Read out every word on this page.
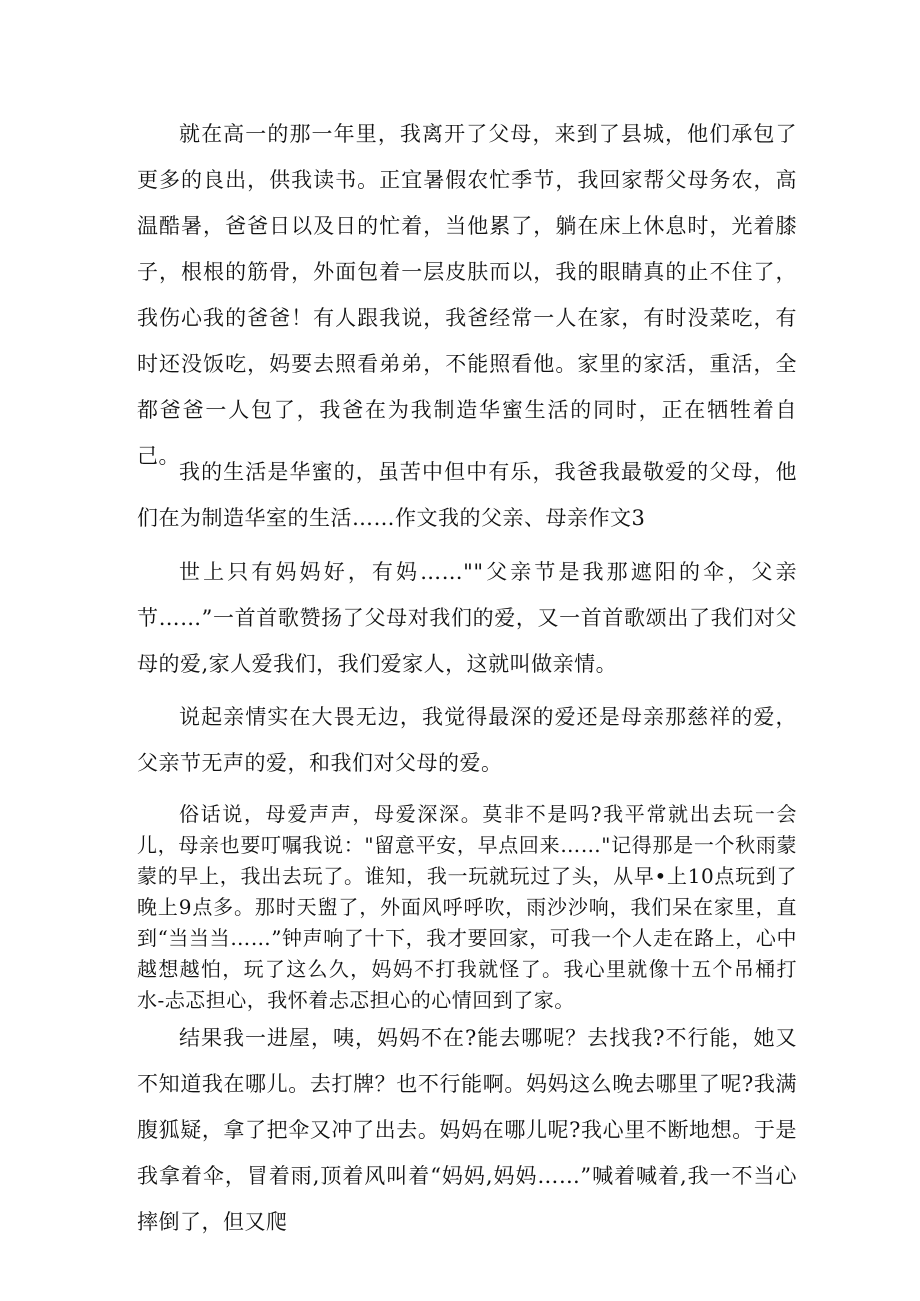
就在高一的那一年里，我离开了父母，来到了县城，他们承包了更多的良出，供我读书。正宜暑假农忙季节，我回家帮父母务农，高温酷暑，爸爸日以及日的忙着，当他累了，躺在床上休息时，光着膝子，根根的筋骨，外面包着一层皮肤而以，我的眼睛真的止不住了，我伤心我的爸爸！有人跟我说，我爸经常一人在家，有时没菜吃，有时还没饭吃，妈要去照看弟弟，不能照看他。家里的家活，重活，全都爸爸一人包了，我爸在为我制造华蜜生活的同时，正在牺牲着自己。

我的生活是华蜜的，虽苦中但中有乐，我爸我最敬爱的父母，他们在为制造华室的生活……作文我的父亲、母亲作文3

世上只有妈妈好，有妈……""父亲节是我那遮阳的伞，父亲节……”一首首歌赞扬了父母对我们的爱，又一首首歌颂出了我们对父母的爱,家人爱我们，我们爱家人，这就叫做亲情。

说起亲情实在大畏无边，我觉得最深的爱还是母亲那慈祥的爱，父亲节无声的爱，和我们对父母的爱。

俗话说，母爱声声，母爱深深。莫非不是吗?我平常就出去玩一会儿，母亲也要叮嘱我说："留意平安，早点回来……"记得那是一个秋雨蒙蒙的早上，我出去玩了。谁知，我一玩就玩过了头，从早•上10点玩到了晚上9点多。那时天盥了，外面风呼呼吹，雨沙沙响，我们呆在家里，直到“当当当……”钟声响了十下，我才要回家，可我一个人走在路上，心中越想越怕，玩了这么久，妈妈不打我就怪了。我心里就像十五个吊桶打水-忐忑担心，我怀着忐忑担心的心情回到了家。

结果我一进屋，咦，妈妈不在?能去哪呢？去找我?不行能，她又不知道我在哪儿。去打牌？也不行能啊。妈妈这么晚去哪里了呢?我满腹狐疑，拿了把伞又冲了出去。妈妈在哪儿呢?我心里不断地想。于是我拿着伞，冒着雨,顶着风叫着“妈妈,妈妈……”喊着喊着,我一不当心摔倒了，但又爬
